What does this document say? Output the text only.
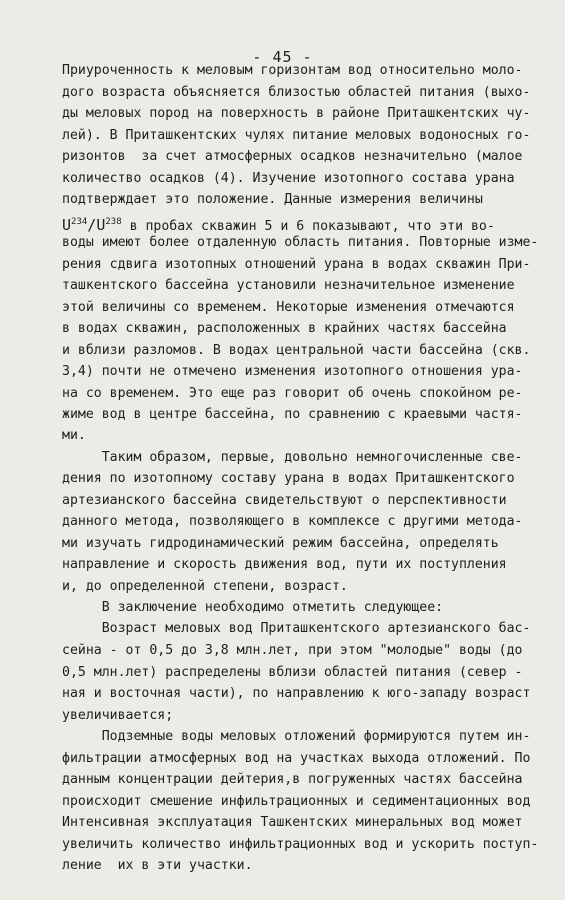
- 45 -
Приуроченность к меловым горизонтам вод относительно моло-
дого возраста объясняется близостью областей питания (выхо-
ды меловых пород на поверхность в районе Приташкентских чу-
лей). В Приташкентских чулях питание меловых водоносных го-
ризонтов  за счет атмосферных осадков незначительно (малое
количество осадков (4). Изучение изотопного состава урана
подтверждает это положение. Данные измерения величины
$U^{234}/U^{238}$ в пробах скважин 5 и 6 показывают, что эти во-
воды имеют более отдаленную область питания. Повторные изме-
рения сдвига изотопных отношений урана в водах скважин При-
ташкентского бассейна установили незначительное изменение
этой величины со временем. Некоторые изменения отмечаются
в водах скважин, расположенных в крайних частях бассейна
и вблизи разломов. В водах центральной части бассейна (скв.
3,4) почти не отмечено изменения изотопного отношения ура-
на со временем. Это еще раз говорит об очень спокойном ре-
жиме вод в центре бассейна, по сравнению с краевыми частя-
ми.
Таким образом, первые, довольно немногочисленные све-
дения по изотопному составу урана в водах Приташкентского
артезианского бассейна свидетельствуют о перспективности
данного метода, позволяющего в комплексе с другими метода-
ми изучать гидродинамический режим бассейна, определять
направление и скорость движения вод, пути их поступления
и, до определенной степени, возраст.
В заключение необходимо отметить следующее:
Возраст меловых вод Приташкентского артезианского бас-
сейна - от 0,5 до 3,8 млн.лет, при этом "молодые" воды (до
0,5 млн.лет) распределены вблизи областей питания (север -
ная и восточная части), по направлению к юго-западу возраст
увеличивается;
Подземные воды меловых отложений формируются путем ин-
фильтрации атмосферных вод на участках выхода отложений. По
данным концентрации дейтерия,в погруженных частях бассейна
происходит смешение инфильтрационных и седиментационных вод
Интенсивная эксплуатация Ташкентских минеральных вод может
увеличить количество инфильтрационных вод и ускорить поступ-
ление  их в эти участки.
